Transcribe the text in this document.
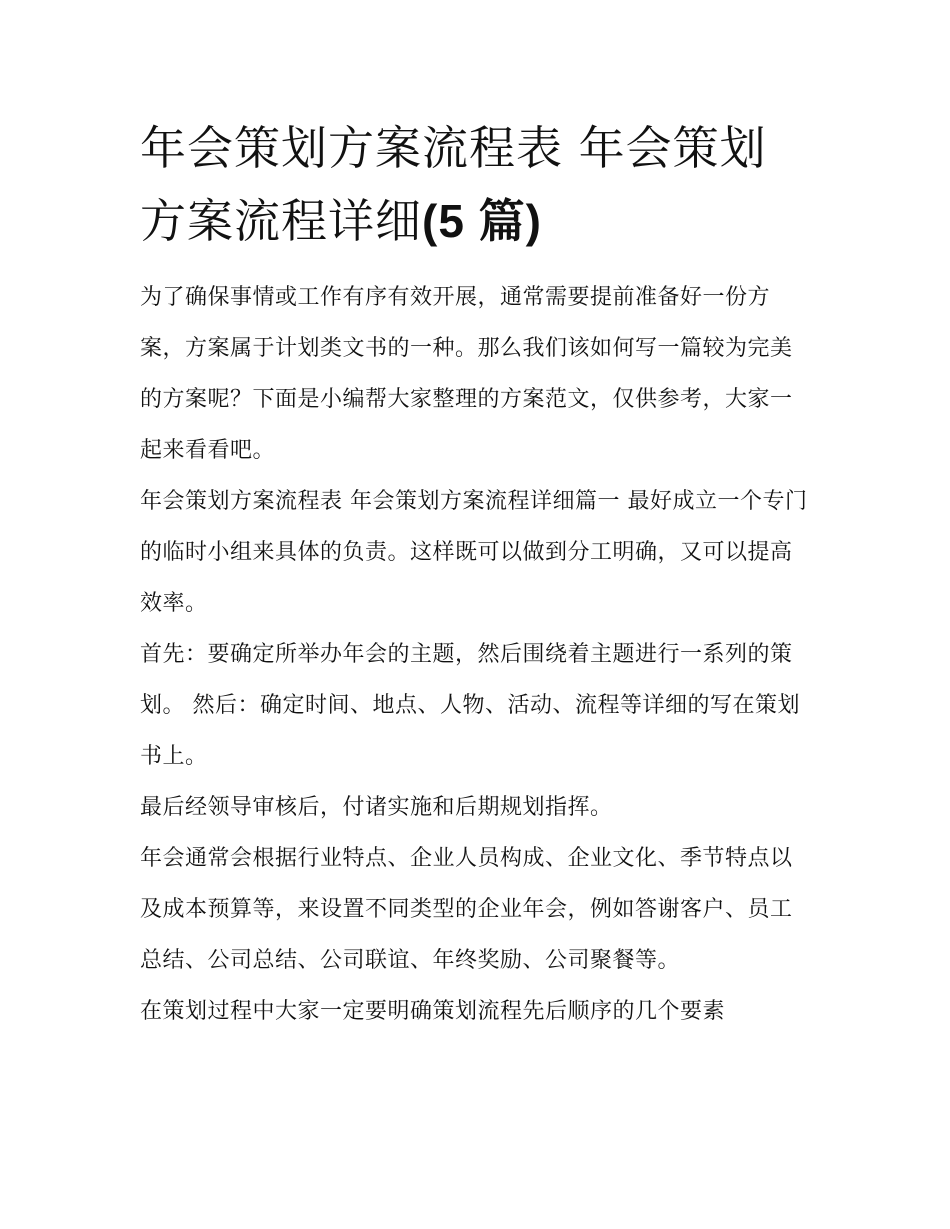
年会策划方案流程表 年会策划方案流程详细(5 篇)

为了确保事情或工作有序有效开展，通常需要提前准备好一份方案，方案属于计划类文书的一种。那么我们该如何写一篇较为完美的方案呢？下面是小编帮大家整理的方案范文，仅供参考，大家一起来看看吧。

年会策划方案流程表 年会策划方案流程详细篇一 最好成立一个专门的临时小组来具体的负责。这样既可以做到分工明确，又可以提高效率。

首先：要确定所举办年会的主题，然后围绕着主题进行一系列的策划。 然后：确定时间、地点、人物、活动、流程等详细的写在策划书上。

最后经领导审核后，付诸实施和后期规划指挥。

年会通常会根据行业特点、企业人员构成、企业文化、季节特点以及成本预算等，来设置不同类型的企业年会，例如答谢客户、员工总结、公司总结、公司联谊、年终奖励、公司聚餐等。

在策划过程中大家一定要明确策划流程先后顺序的几个要素
